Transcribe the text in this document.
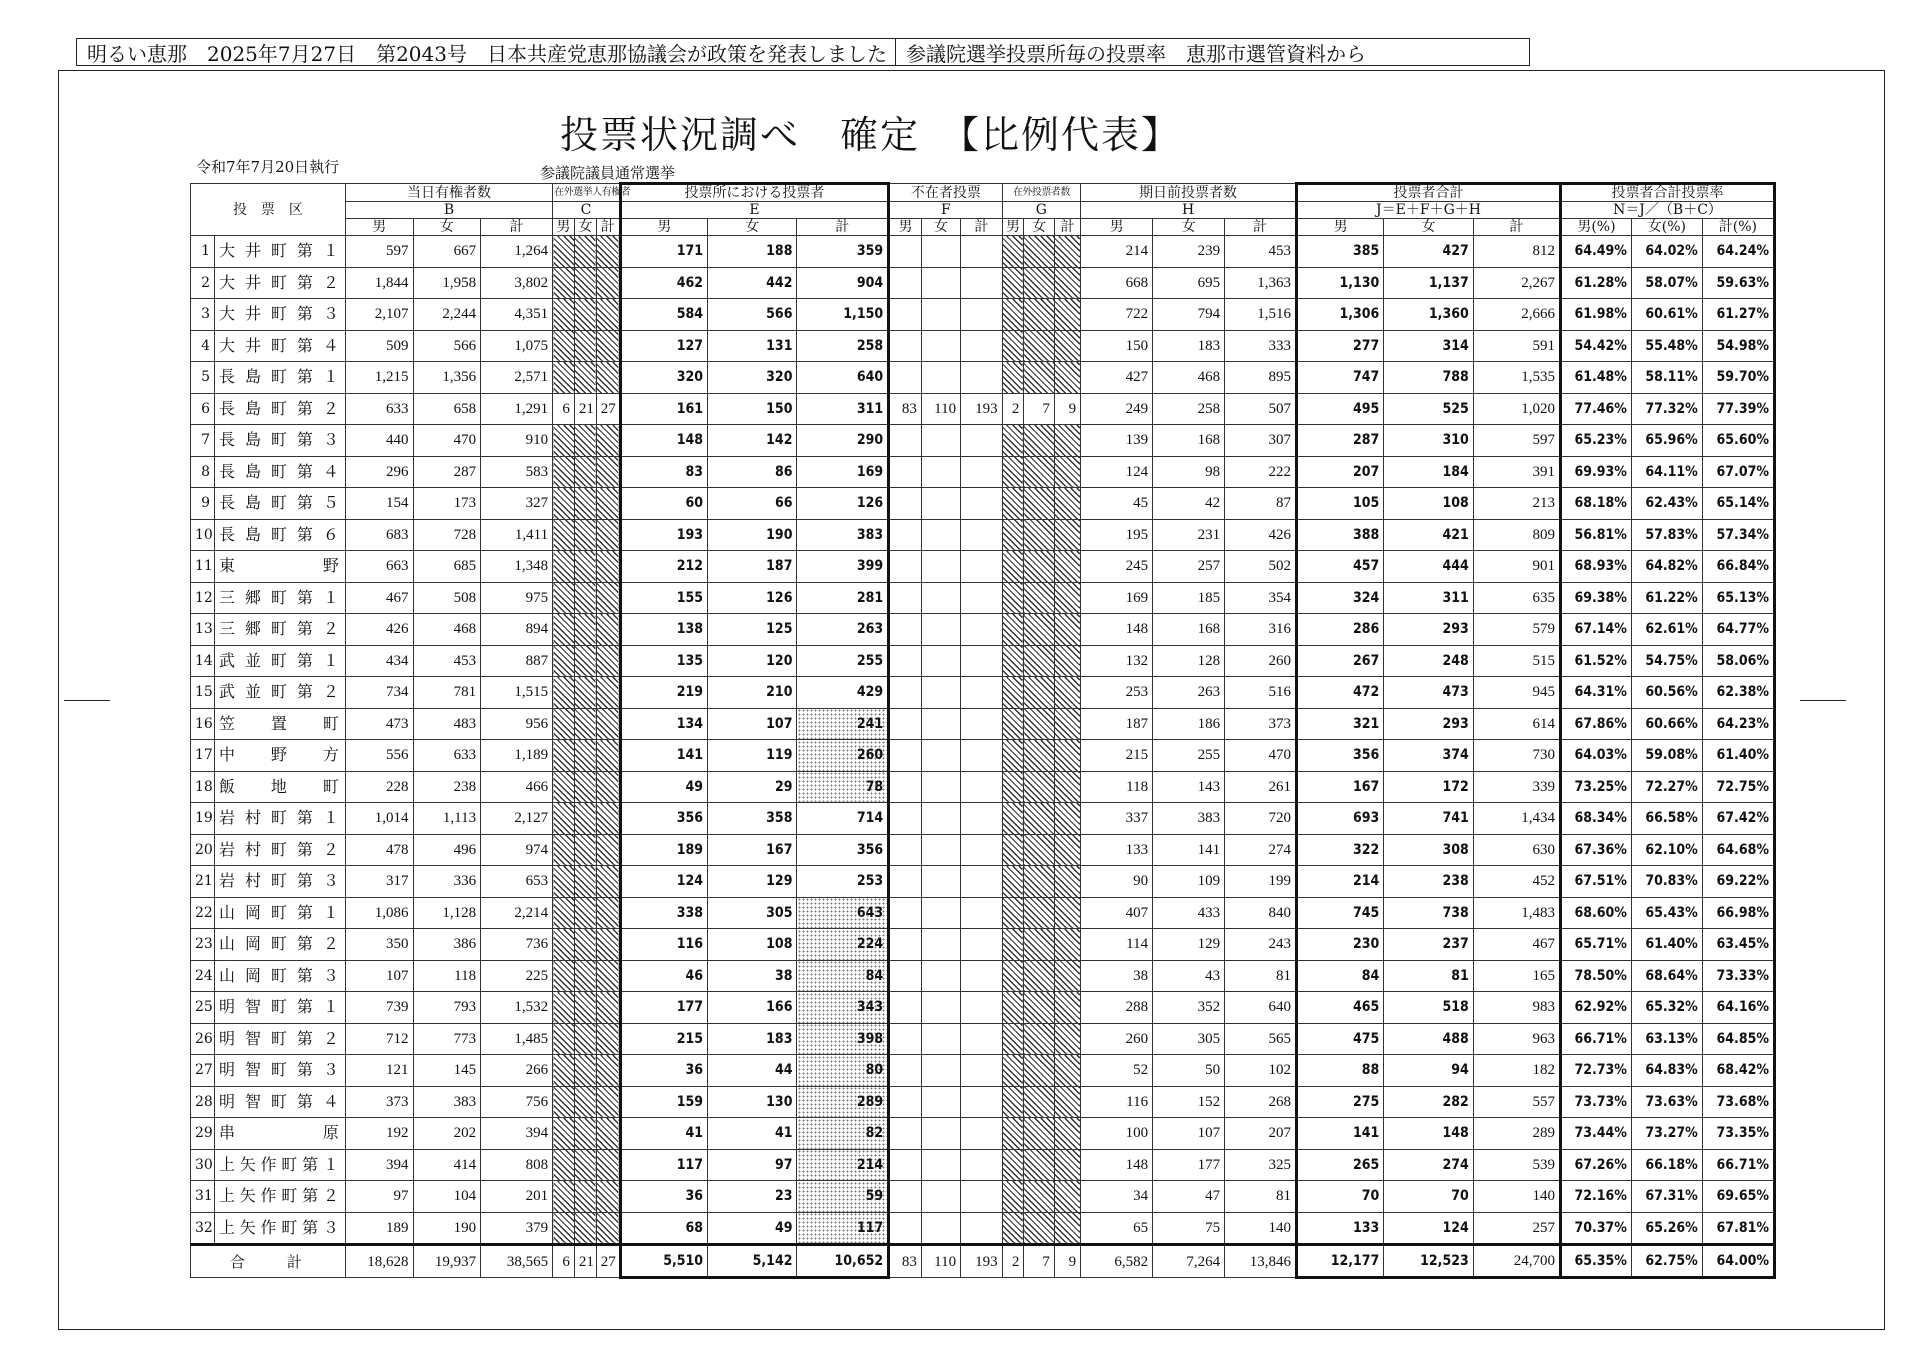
明るい恵那　2025年7月27日　第2043号　日本共産党恵那協議会が政策を発表しました 参議院選挙投票所毎の投票率　恵那市選管資料から
投票状況調べ　確定　【比例代表】
令和7年7月20日執行	参議院議員通常選挙
投　票　区		当日有権者数			在外選挙人有権者			投票所における投票者			不在者投票			在外投票者数			期日前投票者数			投票者合計			投票者合計投票率		
		B			C			E			F			G			H			J＝E＋F＋G＋H			N＝J／（B＋C）		
		男	女	計	男	女	計	男	女	計	男	女	計	男	女	計	男	女	計	男	女	計	男(%)	女(%)	計(%)
1	大井町第１	597	667	1,264				171	188	359							214	239	453	385	427	812	64.49%	64.02%	64.24%
2	大井町第２	1,844	1,958	3,802				462	442	904							668	695	1,363	1,130	1,137	2,267	61.28%	58.07%	59.63%
3	大井町第３	2,107	2,244	4,351				584	566	1,150							722	794	1,516	1,306	1,360	2,666	61.98%	60.61%	61.27%
4	大井町第４	509	566	1,075				127	131	258							150	183	333	277	314	591	54.42%	55.48%	54.98%
5	長島町第１	1,215	1,356	2,571				320	320	640							427	468	895	747	788	1,535	61.48%	58.11%	59.70%
6	長島町第２	633	658	1,291	6	21	27	161	150	311	83	110	193	2	7	9	249	258	507	495	525	1,020	77.46%	77.32%	77.39%
7	長島町第３	440	470	910				148	142	290							139	168	307	287	310	597	65.23%	65.96%	65.60%
8	長島町第４	296	287	583				83	86	169							124	98	222	207	184	391	69.93%	64.11%	67.07%
9	長島町第５	154	173	327				60	66	126							45	42	87	105	108	213	68.18%	62.43%	65.14%
10	長島町第６	683	728	1,411				193	190	383							195	231	426	388	421	809	56.81%	57.83%	57.34%
11	東　　野	663	685	1,348				212	187	399							245	257	502	457	444	901	68.93%	64.82%	66.84%
12	三郷町第１	467	508	975				155	126	281							169	185	354	324	311	635	69.38%	61.22%	65.13%
13	三郷町第２	426	468	894				138	125	263							148	168	316	286	293	579	67.14%	62.61%	64.77%
14	武並町第１	434	453	887				135	120	255							132	128	260	267	248	515	61.52%	54.75%	58.06%
15	武並町第２	734	781	1,515				219	210	429							253	263	516	472	473	945	64.31%	60.56%	62.38%
16	笠　置　町	473	483	956				134	107	241							187	186	373	321	293	614	67.86%	60.66%	64.23%
17	中　野　方	556	633	1,189				141	119	260							215	255	470	356	374	730	64.03%	59.08%	61.40%
18	飯　地　町	228	238	466				49	29	78							118	143	261	167	172	339	73.25%	72.27%	72.75%
19	岩村町第１	1,014	1,113	2,127				356	358	714							337	383	720	693	741	1,434	68.34%	66.58%	67.42%
20	岩村町第２	478	496	974				189	167	356							133	141	274	322	308	630	67.36%	62.10%	64.68%
21	岩村町第３	317	336	653				124	129	253							90	109	199	214	238	452	67.51%	70.83%	69.22%
22	山岡町第１	1,086	1,128	2,214				338	305	643							407	433	840	745	738	1,483	68.60%	65.43%	66.98%
23	山岡町第２	350	386	736				116	108	224							114	129	243	230	237	467	65.71%	61.40%	63.45%
24	山岡町第３	107	118	225				46	38	84							38	43	81	84	81	165	78.50%	68.64%	73.33%
25	明智町第１	739	793	1,532				177	166	343							288	352	640	465	518	983	62.92%	65.32%	64.16%
26	明智町第２	712	773	1,485				215	183	398							260	305	565	475	488	963	66.71%	63.13%	64.85%
27	明智町第３	121	145	266				36	44	80							52	50	102	88	94	182	72.73%	64.83%	68.42%
28	明智町第４	373	383	756				159	130	289							116	152	268	275	282	557	73.73%	73.63%	73.68%
29	串　　原	192	202	394				41	41	82							100	107	207	141	148	289	73.44%	73.27%	73.35%
30	上矢作町第１	394	414	808				117	97	214							148	177	325	265	274	539	67.26%	66.18%	66.71%
31	上矢作町第２	97	104	201				36	23	59							34	47	81	70	70	140	72.16%	67.31%	69.65%
32	上矢作町第３	189	190	379				68	49	117							65	75	140	133	124	257	70.37%	65.26%	67.81%
合　　計		18,628	19,937	38,565	6	21	27	5,510	5,142	10,652	83	110	193	2	7	9	6,582	7,264	13,846	12,177	12,523	24,700	65.35%	62.75%	64.00%
